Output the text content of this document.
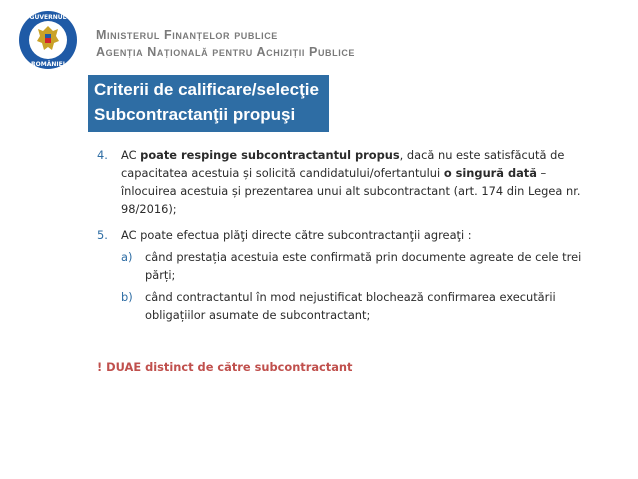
GUVERNUL
ROMÂNIEI
Ministerul Finanțelor publice
Agenția Națională pentru Achiziții Publice
Criterii de calificare/selecţie
Subcontractanţii propuşi
4. AC poate respinge subcontractantul propus, dacă nu este satisfăcută de capacitatea acestuia și solicită candidatului/ofertantului o singură dată – înlocuirea acestuia și prezentarea unui alt subcontractant (art. 174 din Legea nr. 98/2016);
5. AC poate efectua plăţi directe către subcontractanţii agreaţi :
a) când prestația acestuia este confirmată prin documente agreate de cele trei părți;
b) când contractantul în mod nejustificat blochează confirmarea executării obligațiilor asumate de subcontractant;
! DUAE distinct de către subcontractant
